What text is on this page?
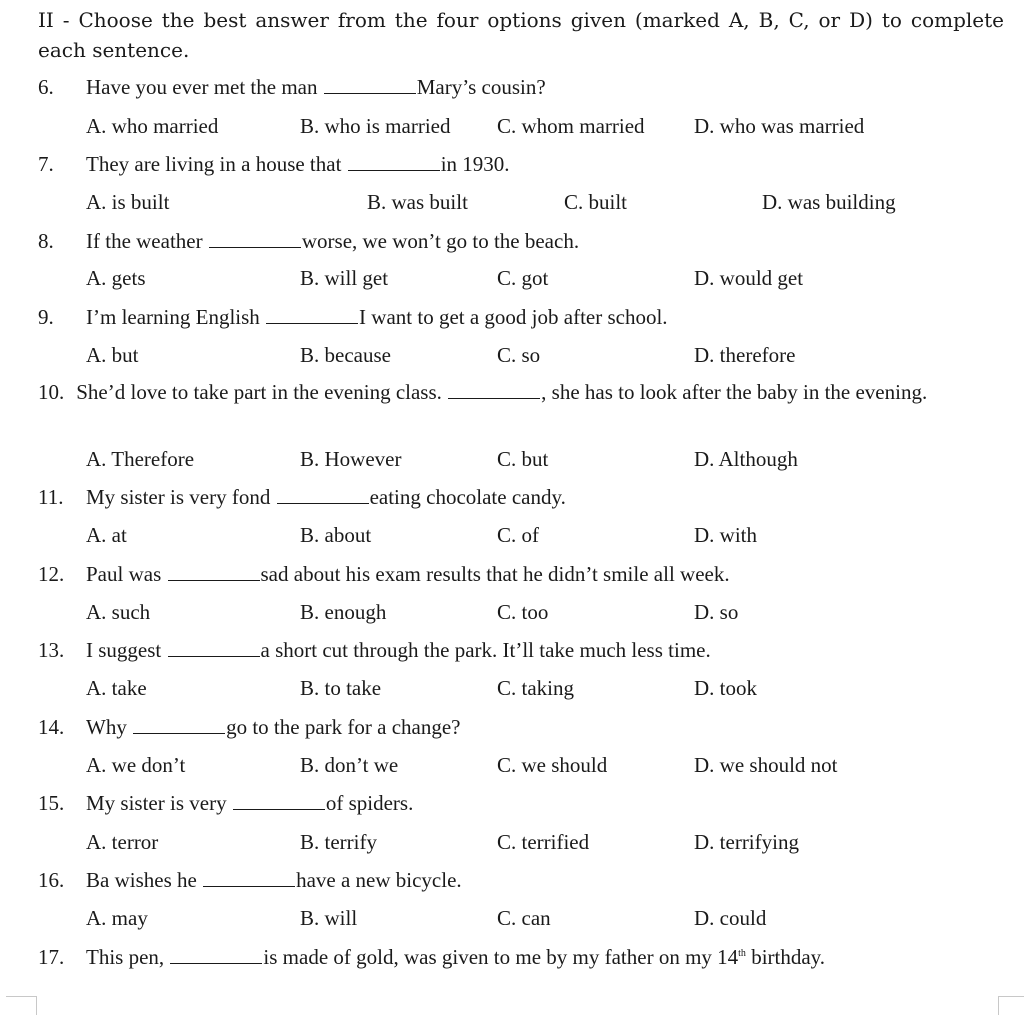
II - Choose the best answer from the four options given (marked A, B, C, or D) to complete each sentence.
6. Have you ever met the man	Mary’s cousin?
A. who married	B. who is married C. whom married D. who was married
7. They are living in a house that	in 1930.
A. is built	B. was built	C. built	D. was building
8. If the weather	worse, we won’t go to the beach.
A. gets	B. will get	C. got	D. would get
9. I’m learning English	I want to get a good job after school.
A. but	B. because	C. so	D. therefore
10. She’d love to take part in the evening class.	, she has to look after the baby in the evening.
A. Therefore	B. However	C. but	D. Although
11. My sister is very fond	eating chocolate candy.
A. at	B. about	C. of	D. with
12. Paul was	sad about his exam results that he didn’t smile all week.
A. such	B. enough	C. too	D. so
13. I suggest	a short cut through the park. It’ll take much less time.
A. take	B. to take	C. taking	D. took
14. Why	go to the park for a change?
A. we don’t	B. don’t we	C. we should	D. we should not
15. My sister is very	of spiders.
A. terror	B. terrify	C. terrified	D. terrifying
16. Ba wishes he	have a new bicycle.
A. may	B. will	C. can	D. could
17. This pen,	is made of gold, was given to me by my father on my 14th birthday.
